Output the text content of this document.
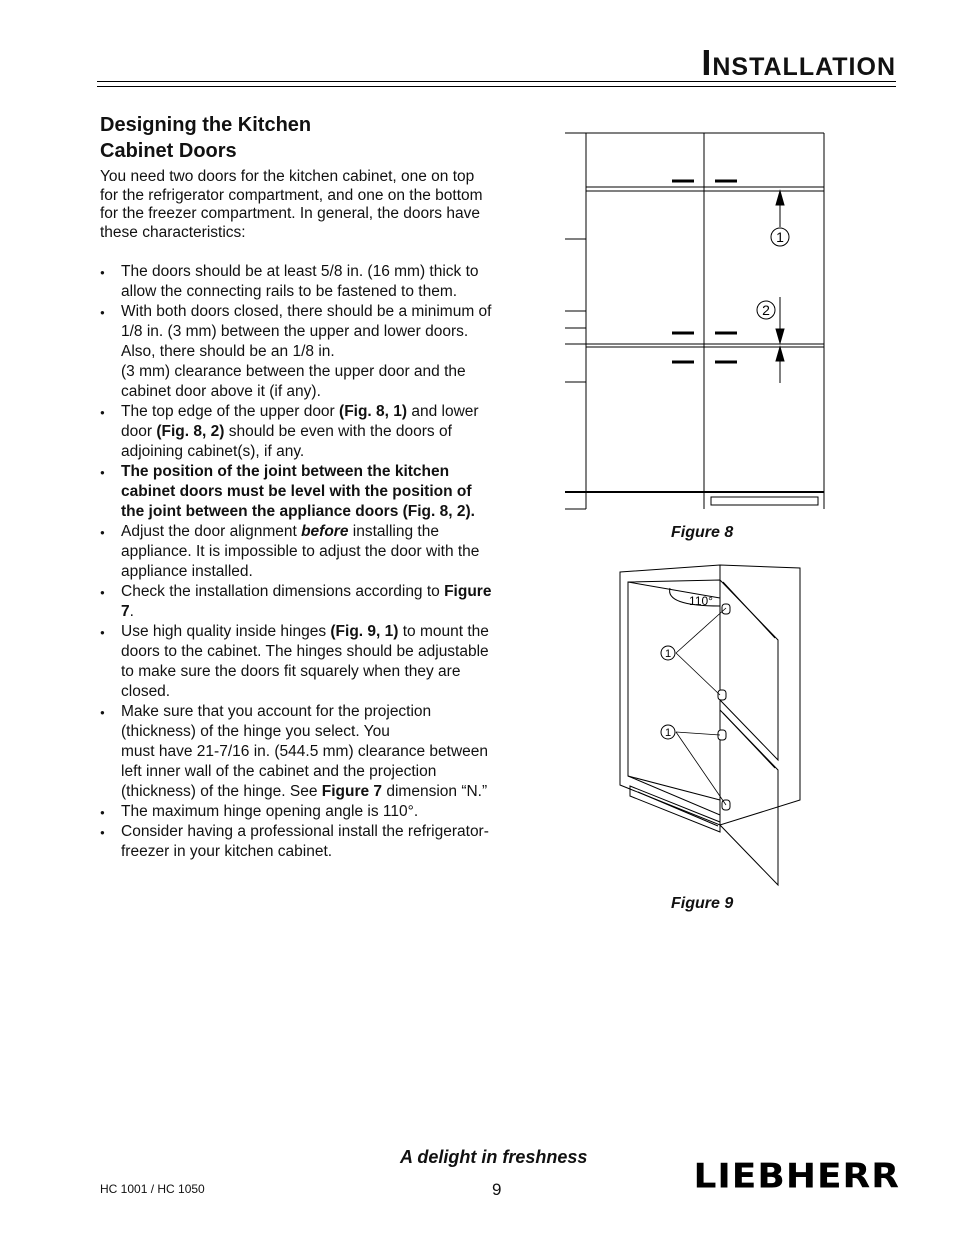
INSTALLATION
Designing the Kitchen
Cabinet Doors

You need two doors for the kitchen cabinet, one on top for the refrigerator compartment, and one on the bottom for the freezer compartment. In general, the doors have these characteristics:

● The doors should be at least 5/8 in. (16 mm) thick to allow the connecting rails to be fastened to them.
● With both doors closed, there should be a minimum of 1/8 in. (3 mm) between the upper and lower doors. Also, there should be an 1/8 in.
(3 mm) clearance between the upper door and the cabinet door above it (if any).
● The top edge of the upper door (Fig. 8, 1) and lower door (Fig. 8, 2) should be even with the doors of adjoining cabinet(s), if any.
● The position of the joint between the kitchen cabinet doors must be level with the position of the joint between the appliance doors (Fig. 8, 2).
● Adjust the door alignment before installing the appliance. It is impossible to adjust the door with the appliance installed.
● Check the installation dimensions according to Figure 7.
● Use high quality inside hinges (Fig. 9, 1) to mount the doors to the cabinet. The hinges should be adjustable to make sure the doors fit squarely when they are closed.
● Make sure that you account for the projection (thickness) of the hinge you select. You
must have 21-7/16 in. (544.5 mm) clearance between left inner wall of the cabinet and the projection (thickness) of the hinge. See Figure 7 dimension “N.”
● The maximum hinge opening angle is 110°.
● Consider having a professional install the refrigerator-freezer in your kitchen cabinet.
1
2
Figure 8
110°
1
1
Figure 9
A delight in freshness
HC 1001 / HC 1050	9	LIEBHERR
